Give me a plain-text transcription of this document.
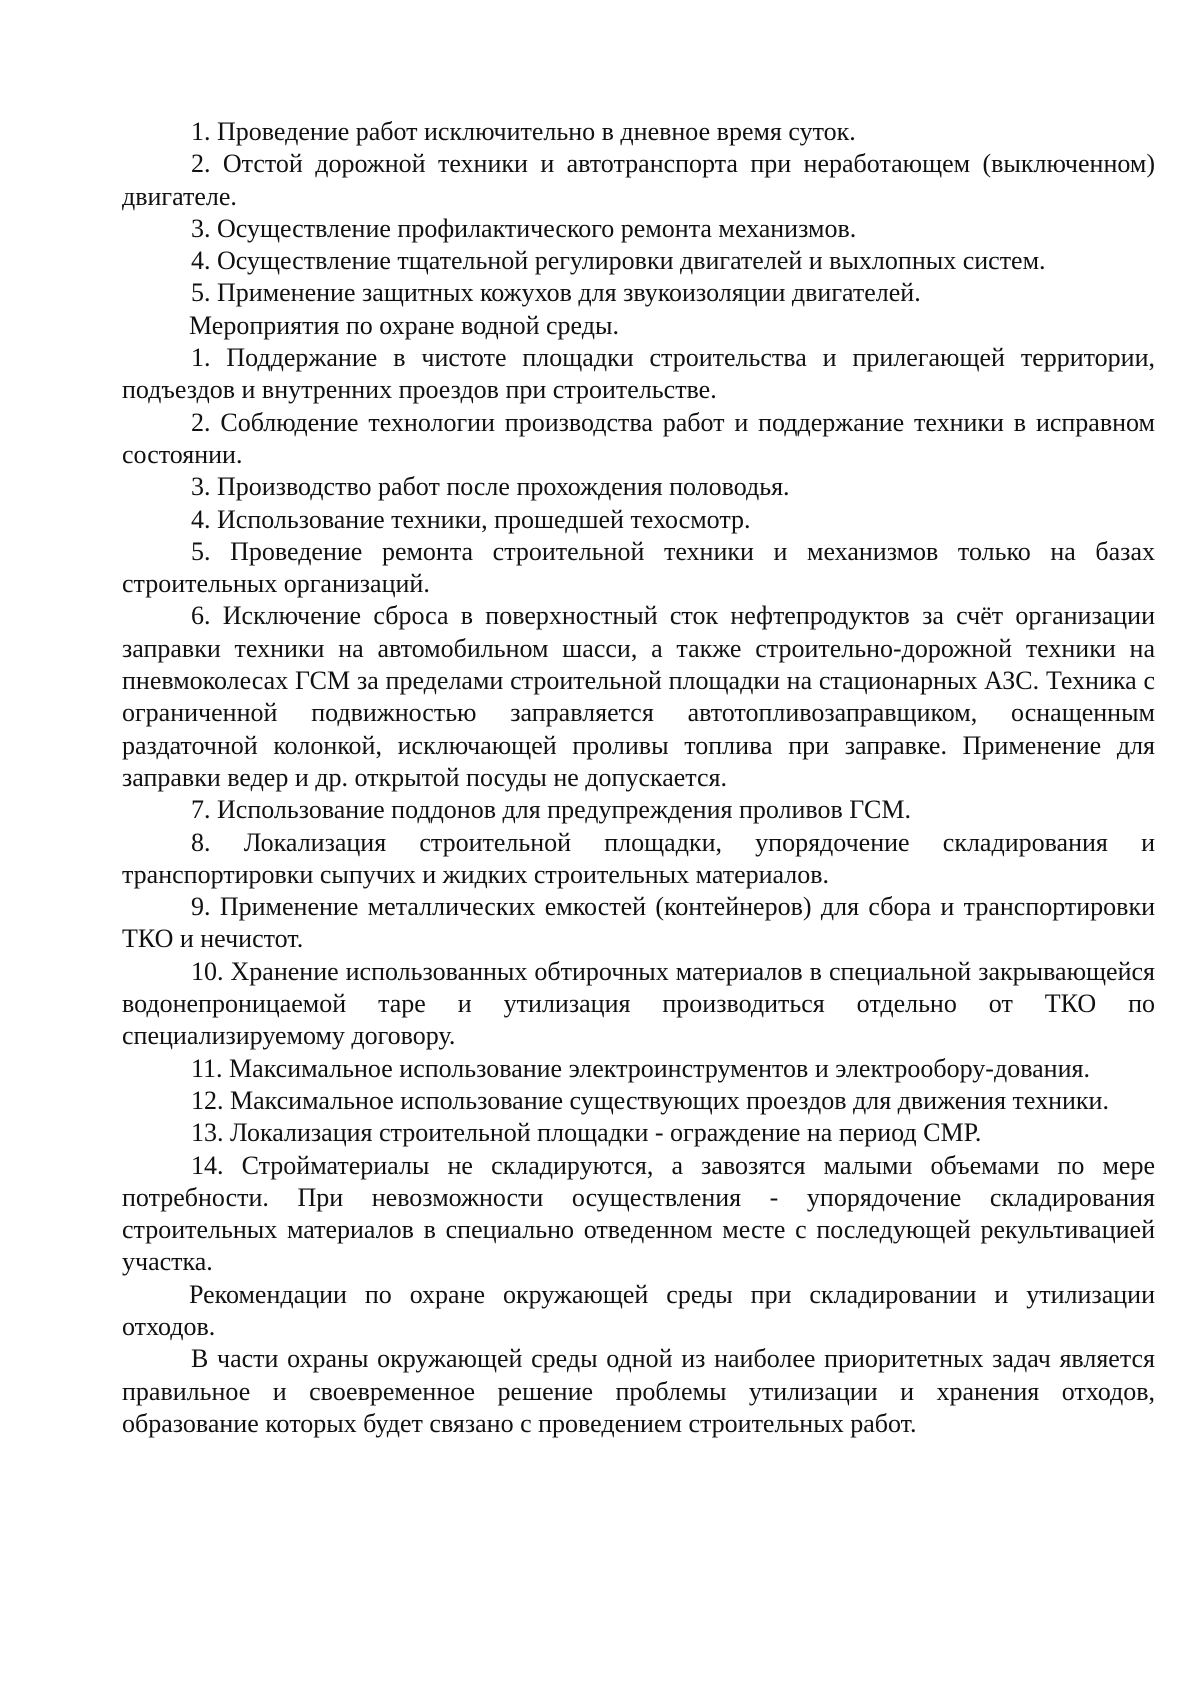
1. Проведение работ исключительно в дневное время суток.

2. Отстой дорожной техники и автотранспорта при неработающем (выключенном) двигателе.

3. Осуществление профилактического ремонта механизмов.

4. Осуществление тщательной регулировки двигателей и выхлопных систем.

5. Применение защитных кожухов для звукоизоляции двигателей.

Мероприятия по охране водной среды.

1. Поддержание в чистоте площадки строительства и прилегающей территории, подъездов и внутренних проездов при строительстве.

2. Соблюдение технологии производства работ и поддержание техники в исправном состоянии.

3. Производство работ после прохождения половодья.

4. Использование техники, прошедшей техосмотр.

5. Проведение ремонта строительной техники и механизмов только на базах строительных организаций.

6. Исключение сброса в поверхностный сток нефтепродуктов за счёт организации заправки техники на автомобильном шасси, а также строительно-дорожной техники на пневмоколесах ГСМ за пределами строительной площадки на стационарных АЗС. Техника с ограниченной подвижностью заправляется автотопливозаправщиком, оснащенным раздаточной колонкой, исключающей проливы топлива при заправке. Применение для заправки ведер и др. открытой посуды не допускается.

7. Использование поддонов для предупреждения проливов ГСМ.

8. Локализация строительной площадки, упорядочение складирования и транспортировки сыпучих и жидких строительных материалов.

9. Применение металлических емкостей (контейнеров) для сбора и транспортировки ТКО и нечистот.

10. Хранение использованных обтирочных материалов в специальной закрывающейся водонепроницаемой таре и утилизация производиться отдельно от ТКО по специализируемому договору.

11. Максимальное использование электроинструментов и электрообору-дования.

12. Максимальное использование существующих проездов для движения техники.

13. Локализация строительной площадки - ограждение на период СМР.

14. Стройматериалы не складируются, а завозятся малыми объемами по мере потребности. При невозможности осуществления - упорядочение складирования строительных материалов в специально отведенном месте с последующей рекультивацией участка.

Рекомендации по охране окружающей среды при складировании и утилизации отходов.

В части охраны окружающей среды одной из наиболее приоритетных задач является правильное и своевременное решение проблемы утилизации и хранения отходов, образование которых будет связано с проведением строительных работ.
